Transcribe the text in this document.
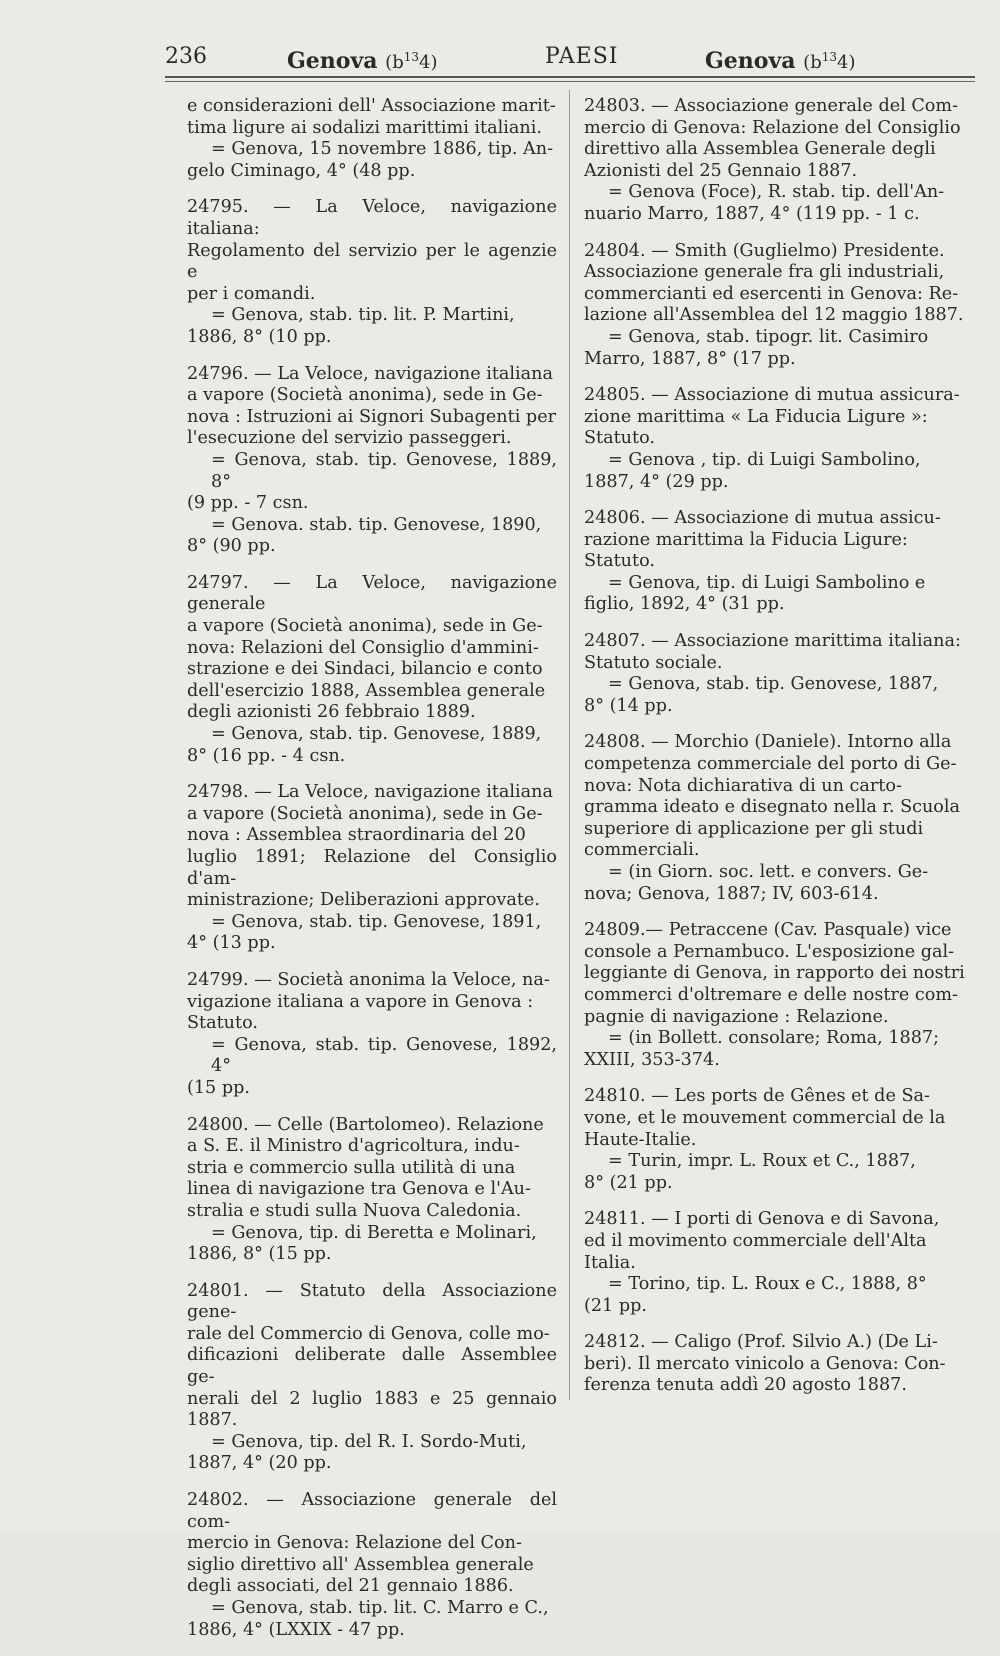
236	Genova $(b^{13}4)$	PAESI	Genova $(b^{13}4)$
e considerazioni dell' Associazione marit-
tima ligure ai sodalizi marittimi italiani.
= Genova, 15 novembre 1886, tip. An-
gelo Ciminago, 4° (48 pp.
24795. — La Veloce, navigazione italiana:
Regolamento del servizio per le agenzie e
per i comandi.
= Genova, stab. tip. lit. P. Martini,
1886, 8° (10 pp.
24796. — La Veloce, navigazione italiana
a vapore (Società anonima), sede in Ge-
nova : Istruzioni ai Signori Subagenti per
l'esecuzione del servizio passeggeri.
= Genova, stab. tip. Genovese, 1889, 8°
(9 pp. - 7 csn.
= Genova. stab. tip. Genovese, 1890,
8° (90 pp.
24797. — La Veloce, navigazione generale
a vapore (Società anonima), sede in Ge-
nova: Relazioni del Consiglio d'ammini-
strazione e dei Sindaci, bilancio e conto
dell'esercizio 1888, Assemblea generale
degli azionisti 26 febbraio 1889.
= Genova, stab. tip. Genovese, 1889,
8° (16 pp. - 4 csn.
24798. — La Veloce, navigazione italiana
a vapore (Società anonima), sede in Ge-
nova : Assemblea straordinaria del 20
luglio 1891; Relazione del Consiglio d'am-
ministrazione; Deliberazioni approvate.
= Genova, stab. tip. Genovese, 1891,
4° (13 pp.
24799. — Società anonima la Veloce, na-
vigazione italiana a vapore in Genova :
Statuto.
= Genova, stab. tip. Genovese, 1892, 4°
(15 pp.
24800. — Celle (Bartolomeo). Relazione
a S. E. il Ministro d'agricoltura, indu-
stria e commercio sulla utilità di una
linea di navigazione tra Genova e l'Au-
stralia e studi sulla Nuova Caledonia.
= Genova, tip. di Beretta e Molinari,
1886, 8° (15 pp.
24801. — Statuto della Associazione gene-
rale del Commercio di Genova, colle mo-
dificazioni deliberate dalle Assemblee ge-
nerali del 2 luglio 1883 e 25 gennaio 1887.
= Genova, tip. del R. I. Sordo-Muti,
1887, 4° (20 pp.
24802. — Associazione generale del com-
mercio in Genova: Relazione del Con-
siglio direttivo all' Assemblea generale
degli associati, del 21 gennaio 1886.
= Genova, stab. tip. lit. C. Marro e C.,
1886, 4° (LXXIX - 47 pp.
24803. — Associazione generale del Com-
mercio di Genova: Relazione del Consiglio
direttivo alla Assemblea Generale degli
Azionisti del 25 Gennaio 1887.
= Genova (Foce), R. stab. tip. dell'An-
nuario Marro, 1887, 4° (119 pp. - 1 c.
24804. — Smith (Guglielmo) Presidente.
Associazione generale fra gli industriali,
commercianti ed esercenti in Genova: Re-
lazione all'Assemblea del 12 maggio 1887.
= Genova, stab. tipogr. lit. Casimiro
Marro, 1887, 8° (17 pp.
24805. — Associazione di mutua assicura-
zione marittima « La Fiducia Ligure »:
Statuto.
= Genova , tip. di Luigi Sambolino,
1887, 4° (29 pp.
24806. — Associazione di mutua assicu-
razione marittima la Fiducia Ligure:
Statuto.
= Genova, tip. di Luigi Sambolino e
figlio, 1892, 4° (31 pp.
24807. — Associazione marittima italiana:
Statuto sociale.
= Genova, stab. tip. Genovese, 1887,
8° (14 pp.
24808. — Morchio (Daniele). Intorno alla
competenza commerciale del porto di Ge-
nova: Nota dichiarativa di un carto-
gramma ideato e disegnato nella r. Scuola
superiore di applicazione per gli studi
commerciali.
= (in Giorn. soc. lett. e convers. Ge-
nova; Genova, 1887; IV, 603-614.
24809.— Petraccene (Cav. Pasquale) vice
console a Pernambuco. L'esposizione gal-
leggiante di Genova, in rapporto dei nostri
commerci d'oltremare e delle nostre com-
pagnie di navigazione : Relazione.
= (in Bollett. consolare; Roma, 1887;
XXIII, 353-374.
24810. — Les ports de Gênes et de Sa-
vone, et le mouvement commercial de la
Haute-Italie.
= Turin, impr. L. Roux et C., 1887,
8° (21 pp.
24811. — I porti di Genova e di Savona,
ed il movimento commerciale dell'Alta
Italia.
= Torino, tip. L. Roux e C., 1888, 8°
(21 pp.
24812. — Caligo (Prof. Silvio A.) (De Li-
beri). Il mercato vinicolo a Genova: Con-
ferenza tenuta addì 20 agosto 1887.
